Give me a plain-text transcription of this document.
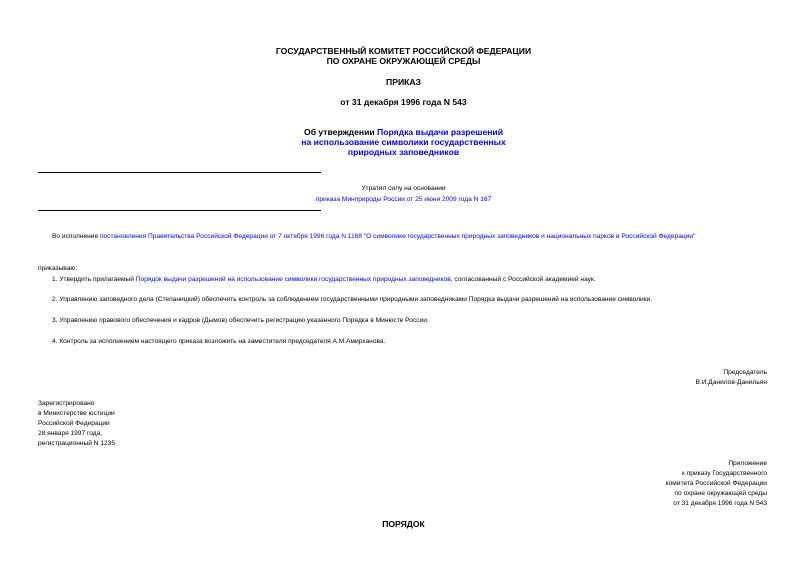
ГОСУДАРСТВЕННЫЙ КОМИТЕТ РОССИЙСКОЙ ФЕДЕРАЦИИ
ПО ОХРАНЕ ОКРУЖАЮЩЕЙ СРЕДЫ
ПРИКАЗ
от 31 декабря 1996 года N 543
Об утверждении Порядка выдачи разрешений
на использование символики государственных
природных заповедников
Утратил силу на основании
приказа Минприроды России от 25 июня 2009 года N 167
Во исполнение постановления Правительства Российской Федерации от 7 октября 1996 года N 1168 "О символике государственных природных заповедников и национальных парков в Российской Федерации"
приказываю:
1. Утвердить прилагаемый Порядок выдачи разрешений на использование символики государственных природных заповедников, согласованный с Российской академией наук.
2. Управлению заповедного дела (Степаницкий) обеспечить контроль за соблюдением государственными природными заповедниками Порядка выдачи разрешений на использование символики.
3. Управлению правового обеспечения и кадров (Дымов) обеспечить регистрацию указанного Порядка в Минюсте России.
4. Контроль за исполнением настоящего приказа возложить на заместителя председателя А.М.Амирханова.
Председатель
В.И.Данилов-Данильян
Зарегистрировано
в Министерстве юстиции
Российской Федерации
28 января 1997 года,
регистрационный N 1235
Приложение
к приказу Государственного
комитета Российской Федерации
по охране окружающей среды
от 31 декабря 1996 года N 543
ПОРЯДОК
